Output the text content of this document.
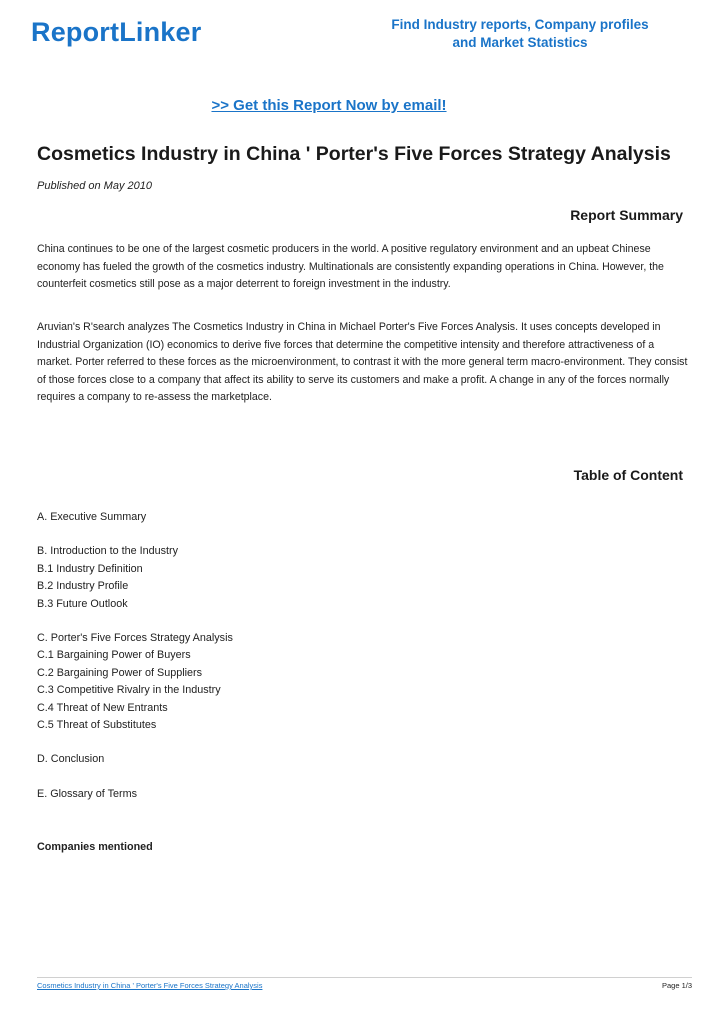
ReportLinker	Find Industry reports, Company profiles
and Market Statistics
>> Get this Report Now by email!
Cosmetics Industry in China ' Porter's Five Forces Strategy Analysis
Published on May 2010
Report Summary
China continues to be one of the largest cosmetic producers in the world. A positive regulatory environment and an upbeat Chinese economy has fueled the growth of the cosmetics industry. Multinationals are consistently expanding operations in China. However, the counterfeit cosmetics still pose as a major deterrent to foreign investment in the industry.
Aruvian's R'search analyzes The Cosmetics Industry in China in Michael Porter's Five Forces Analysis. It uses concepts developed in Industrial Organization (IO) economics to derive five forces that determine the competitive intensity and therefore attractiveness of a market. Porter referred to these forces as the microenvironment, to contrast it with the more general term macro-environment. They consist of those forces close to a company that affect its ability to serve its customers and make a profit. A change in any of the forces normally requires a company to re-assess the marketplace.
Table of Content
A. Executive Summary
B. Introduction to the Industry
B.1 Industry Definition
B.2 Industry Profile
B.3 Future Outlook
C. Porter's Five Forces Strategy Analysis
C.1 Bargaining Power of Buyers
C.2 Bargaining Power of Suppliers
C.3 Competitive Rivalry in the Industry
C.4 Threat of New Entrants
C.5 Threat of Substitutes
D. Conclusion
E. Glossary of Terms
Companies mentioned
Cosmetics Industry in China ' Porter's Five Forces Strategy Analysis	Page 1/3
